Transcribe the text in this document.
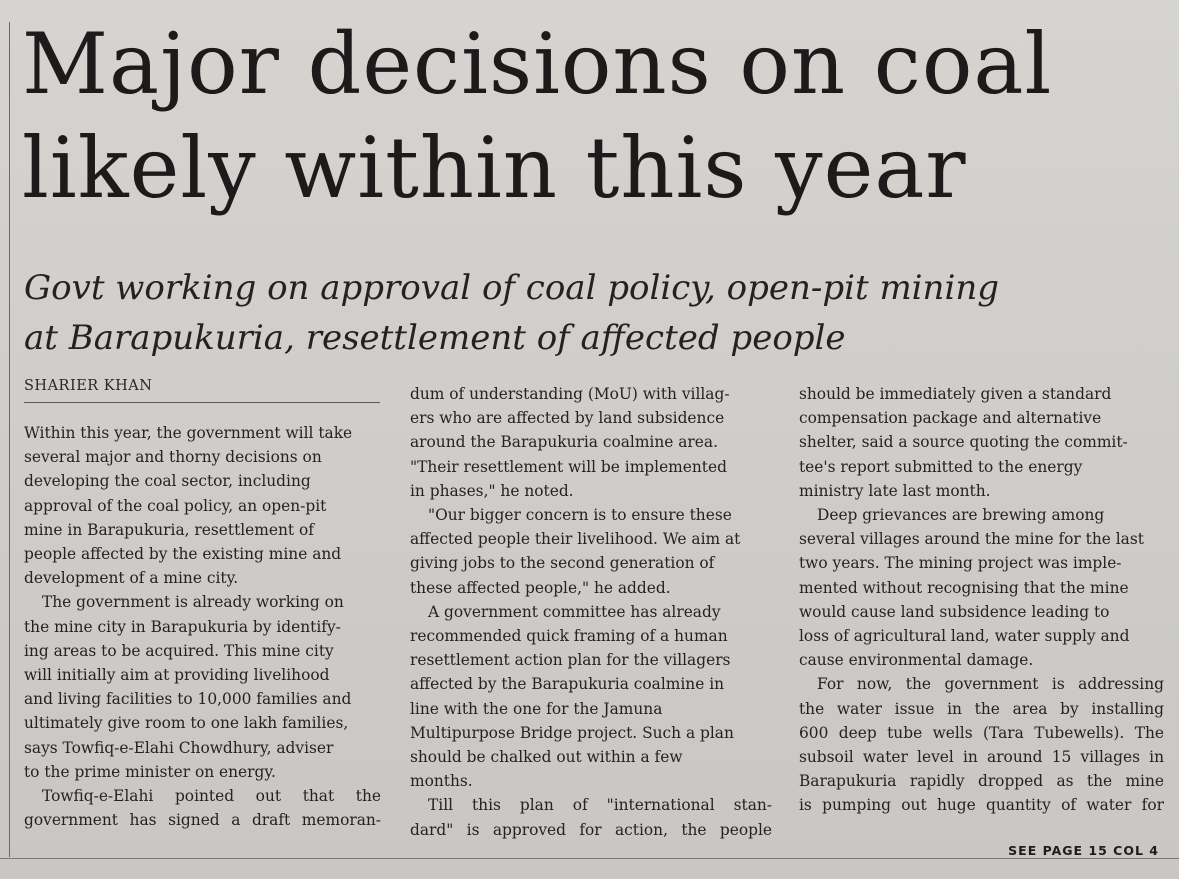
Major decisions on coal
likely within this year
Govt working on approval of coal policy, open-pit mining
at Barapukuria, resettlement of affected people
SHARIER KHAN

Within this year, the government will take
several major and thorny decisions on
developing the coal sector, including
approval of the coal policy, an open-pit
mine in Barapukuria, resettlement of
people affected by the existing mine and
development of a mine city.

The government is already working on
the mine city in Barapukuria by identify-
ing areas to be acquired. This mine city
will initially aim at providing livelihood
and living facilities to 10,000 families and
ultimately give room to one lakh families,
says Towfiq-e-Elahi Chowdhury, adviser
to the prime minister on energy.

Towfiq-e-Elahi pointed out that the
government has signed a draft memoran-

dum of understanding (MoU) with villag-
ers who are affected by land subsidence
around the Barapukuria coalmine area.
"Their resettlement will be implemented
in phases," he noted.

"Our bigger concern is to ensure these
affected people their livelihood. We aim at
giving jobs to the second generation of
these affected people," he added.

A government committee has already
recommended quick framing of a human
resettlement action plan for the villagers
affected by the Barapukuria coalmine in
line with the one for the Jamuna
Multipurpose Bridge project. Such a plan
should be chalked out within a few
months.

Till this plan of "international stan-
dard" is approved for action, the people

should be immediately given a standard
compensation package and alternative
shelter, said a source quoting the commit-
tee's report submitted to the energy
ministry late last month.

Deep grievances are brewing among
several villages around the mine for the last
two years. The mining project was imple-
mented without recognising that the mine
would cause land subsidence leading to
loss of agricultural land, water supply and
cause environmental damage.

For now, the government is addressing
the water issue in the area by installing
600 deep tube wells (Tara Tubewells). The
subsoil water level in around 15 villages in
Barapukuria rapidly dropped as the mine
is pumping out huge quantity of water for

SEE PAGE 15 COL 4
